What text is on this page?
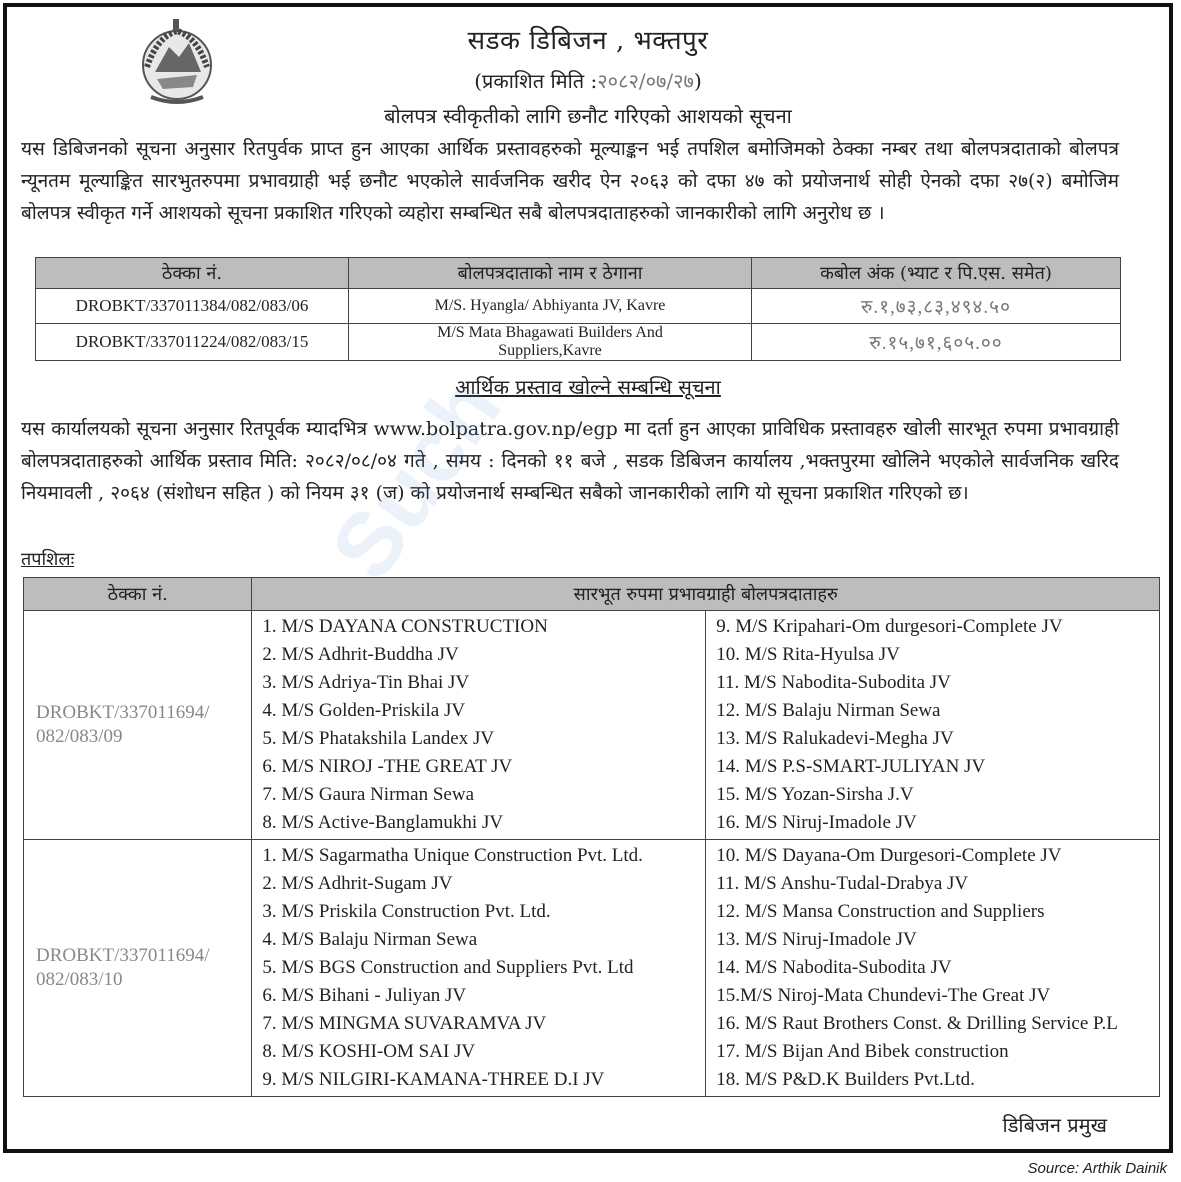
सडक डिबिजन , भक्तपुर
(प्रकाशित मिति :२०८२/०७/२७)
बोलपत्र स्वीकृतीको लागि छनौट गरिएको आशयको सूचना
यस डिबिजनको सूचना अनुसार रितपुर्वक प्राप्त हुन आएका आर्थिक प्रस्तावहरुको मूल्याङ्कन भई तपशिल बमोजिमको ठेक्का नम्बर तथा बोलपत्रदाताको बोलपत्र न्यूनतम मूल्याङ्कित सारभुतरुपमा प्रभावग्राही भई छनौट भएकोले सार्वजनिक खरीद ऐन २०६३ को दफा ४७ को प्रयोजनार्थ सोही ऐनको दफा २७(२) बमोजिम बोलपत्र स्वीकृत गर्ने आशयको सूचना प्रकाशित गरिएको व्यहोरा सम्बन्धित सबै बोलपत्रदाताहरुको जानकारीको लागि अनुरोध छ ।
ठेक्का नं.	बोलपत्रदाताको नाम र ठेगाना	कबोल अंक (भ्याट र पि.एस. समेत)
DROBKT/337011384/082/083/06	M/S. Hyangla/ Abhiyanta JV, Kavre	रु.१,७३,८३,४९४.५०
DROBKT/337011224/082/083/15	M/S Mata Bhagawati Builders And Suppliers,Kavre	रु.१५,७१,६०५.००
आर्थिक प्रस्ताव खोल्ने सम्बन्धि सूचना
यस कार्यालयको सूचना अनुसार रितपूर्वक म्यादभित्र www.bolpatra.gov.np/egp मा दर्ता हुन आएका प्राविधिक प्रस्तावहरु खोली सारभूत रुपमा प्रभावग्राही बोलपत्रदाताहरुको आर्थिक प्रस्ताव मिति: २०८२/०८/०४ गते , समय : दिनको ११ बजे , सडक डिबिजन कार्यालय ,भक्तपुरमा खोलिने भएकोले सार्वजनिक खरिद नियमावली , २०६४ (संशोधन सहित ) को नियम ३१ (ज) को प्रयोजनार्थ सम्बन्धित सबैको जानकारीको लागि यो सूचना प्रकाशित गरिएको छ।
तपशिलः
ठेक्का नं.	सारभूत रुपमा प्रभावग्राही बोलपत्रदाताहरु	

DROBKT/337011694/
082/083/09

1. M/S DAYANA CONSTRUCTION
2. M/S Adhrit-Buddha JV
3. M/S Adriya-Tin Bhai JV
4. M/S Golden-Priskila JV
5. M/S Phatakshila Landex JV
6. M/S NIROJ -THE GREAT JV
7. M/S Gaura Nirman Sewa
8. M/S Active-Banglamukhi JV

9. M/S Kripahari-Om durgesori-Complete JV
10. M/S Rita-Hyulsa JV
11. M/S Nabodita-Subodita JV
12. M/S Balaju Nirman Sewa
13. M/S Ralukadevi-Megha JV
14. M/S P.S-SMART-JULIYAN JV
15. M/S Yozan-Sirsha J.V
16. M/S Niruj-Imadole JV

DROBKT/337011694/
082/083/10

1. M/S Sagarmatha Unique Construction Pvt. Ltd.
2. M/S Adhrit-Sugam JV
3. M/S Priskila Construction Pvt. Ltd.
4. M/S Balaju Nirman Sewa
5. M/S BGS Construction and Suppliers Pvt. Ltd
6. M/S Bihani - Juliyan JV
7. M/S MINGMA SUVARAMVA JV
8. M/S KOSHI-OM SAI JV
9. M/S NILGIRI-KAMANA-THREE D.I JV

10. M/S Dayana-Om Durgesori-Complete JV
11. M/S Anshu-Tudal-Drabya JV
12. M/S Mansa Construction and Suppliers
13. M/S Niruj-Imadole JV
14. M/S Nabodita-Subodita JV
15.M/S Niroj-Mata Chundevi-The Great JV
16. M/S Raut Brothers Const. & Drilling Service P.L
17. M/S Bijan And Bibek construction
18. M/S P&D.K Builders Pvt.Ltd.
डिबिजन प्रमुख
Such
Source: Arthik Dainik
